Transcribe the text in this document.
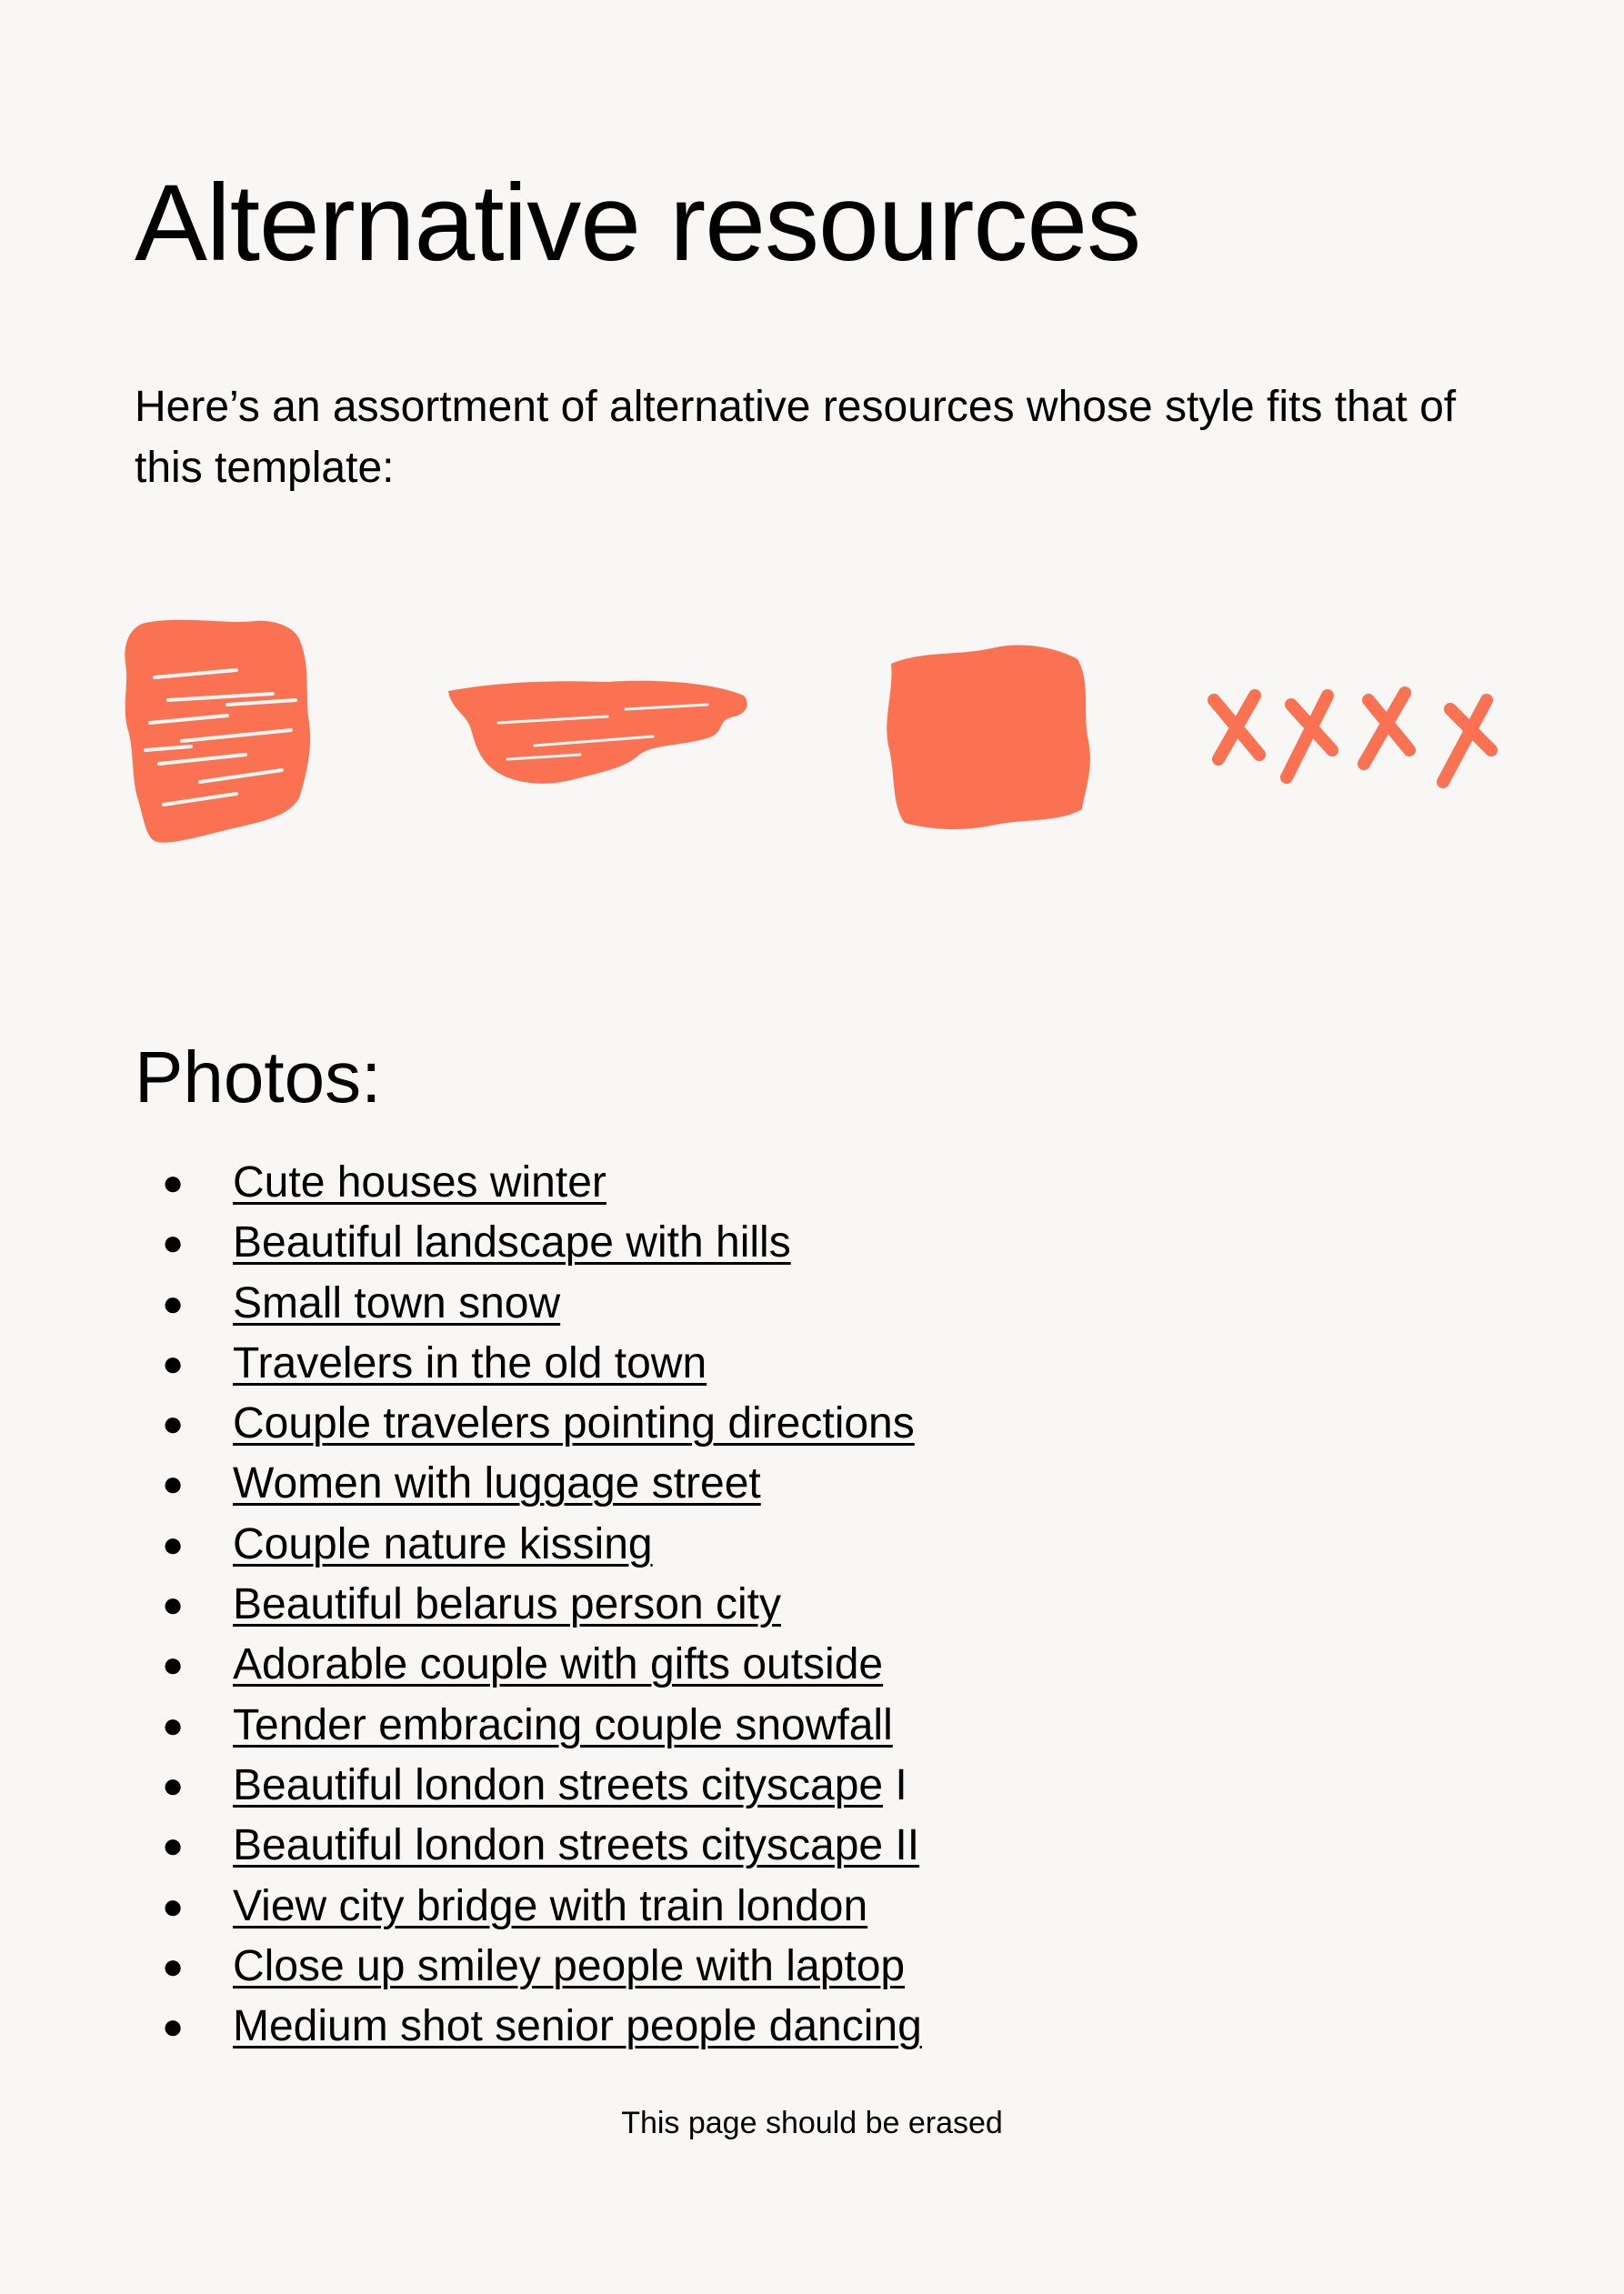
Alternative resources

Here’s an assortment of alternative resources whose style fits that of this template:

Photos:
● Cute houses winter
● Beautiful landscape with hills
● Small town snow
● Travelers in the old town
● Couple travelers pointing directions
● Women with luggage street
● Couple nature kissing
● Beautiful belarus person city
● Adorable couple with gifts outside
● Tender embracing couple snowfall
● Beautiful london streets cityscape I
● Beautiful london streets cityscape II
● View city bridge with train london
● Close up smiley people with laptop
● Medium shot senior people dancing
This page should be erased
